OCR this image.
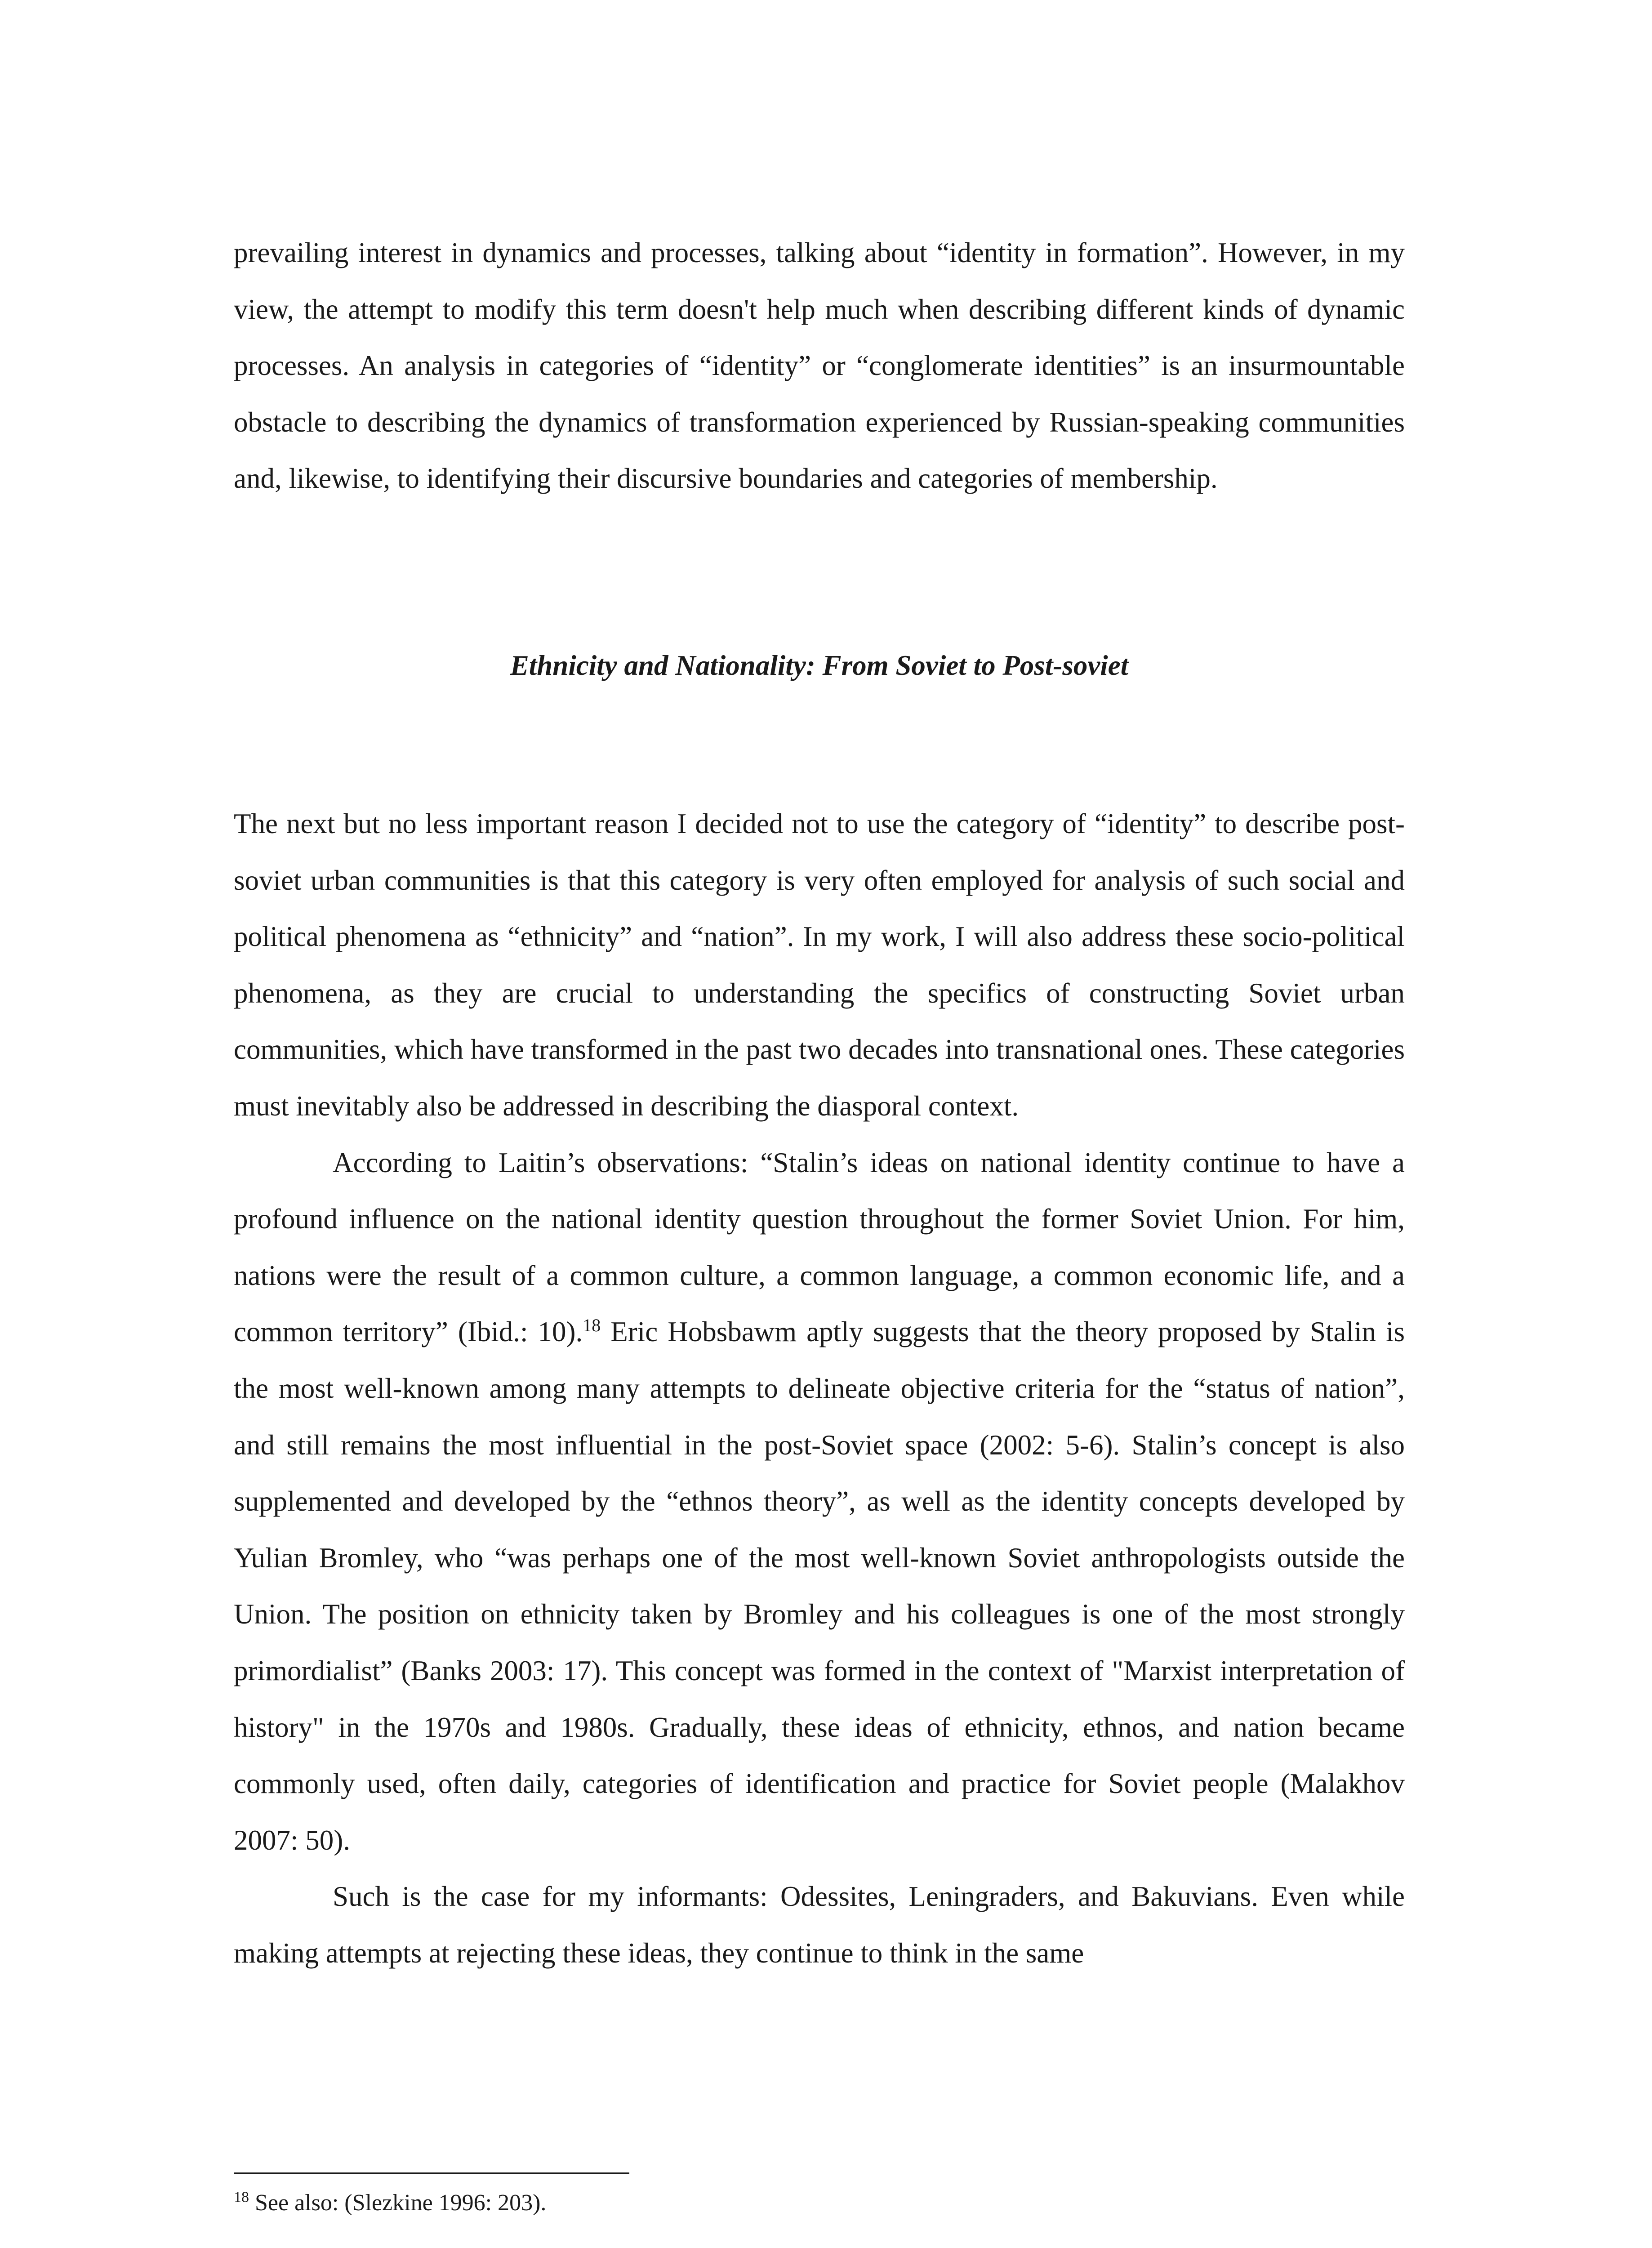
prevailing interest in dynamics and processes, talking about “identity in formation”. However, in my view, the attempt to modify this term doesn't help much when describing different kinds of dynamic processes. An analysis in categories of “identity” or “conglomerate identities” is an insurmountable obstacle to describing the dynamics of transformation experienced by Russian-speaking communities and, likewise, to identifying their discursive boundaries and categories of membership.

Ethnicity and Nationality: From Soviet to Post-soviet

The next but no less important reason I decided not to use the category of “identity” to describe post-soviet urban communities is that this category is very often employed for analysis of such social and political phenomena as “ethnicity” and “nation”. In my work, I will also address these socio-political phenomena, as they are crucial to understanding the specifics of constructing Soviet urban communities, which have transformed in the past two decades into transnational ones. These categories must inevitably also be addressed in describing the diasporal context.

According to Laitin’s observations: “Stalin’s ideas on national identity continue to have a profound influence on the national identity question throughout the former Soviet Union. For him, nations were the result of a common culture, a common language, a common economic life, and a common territory” (Ibid.: 10).$^{18}$ Eric Hobsbawm aptly suggests that the theory proposed by Stalin is the most well-known among many attempts to delineate objective criteria for the “status of nation”, and still remains the most influential in the post-Soviet space (2002: 5-6). Stalin’s concept is also supplemented and developed by the “ethnos theory”, as well as the identity concepts developed by Yulian Bromley, who “was perhaps one of the most well-known Soviet anthropologists outside the Union. The position on ethnicity taken by Bromley and his colleagues is one of the most strongly primordialist” (Banks 2003: 17). This concept was formed in the context of "Marxist interpretation of history" in the 1970s and 1980s. Gradually, these ideas of ethnicity, ethnos, and nation became commonly used, often daily, categories of identification and practice for Soviet people (Malakhov 2007: 50).

Such is the case for my informants: Odessites, Leningraders, and Bakuvians. Even while making attempts at rejecting these ideas, they continue to think in the same

$^{18}$ See also: (Slezkine 1996: 203).
